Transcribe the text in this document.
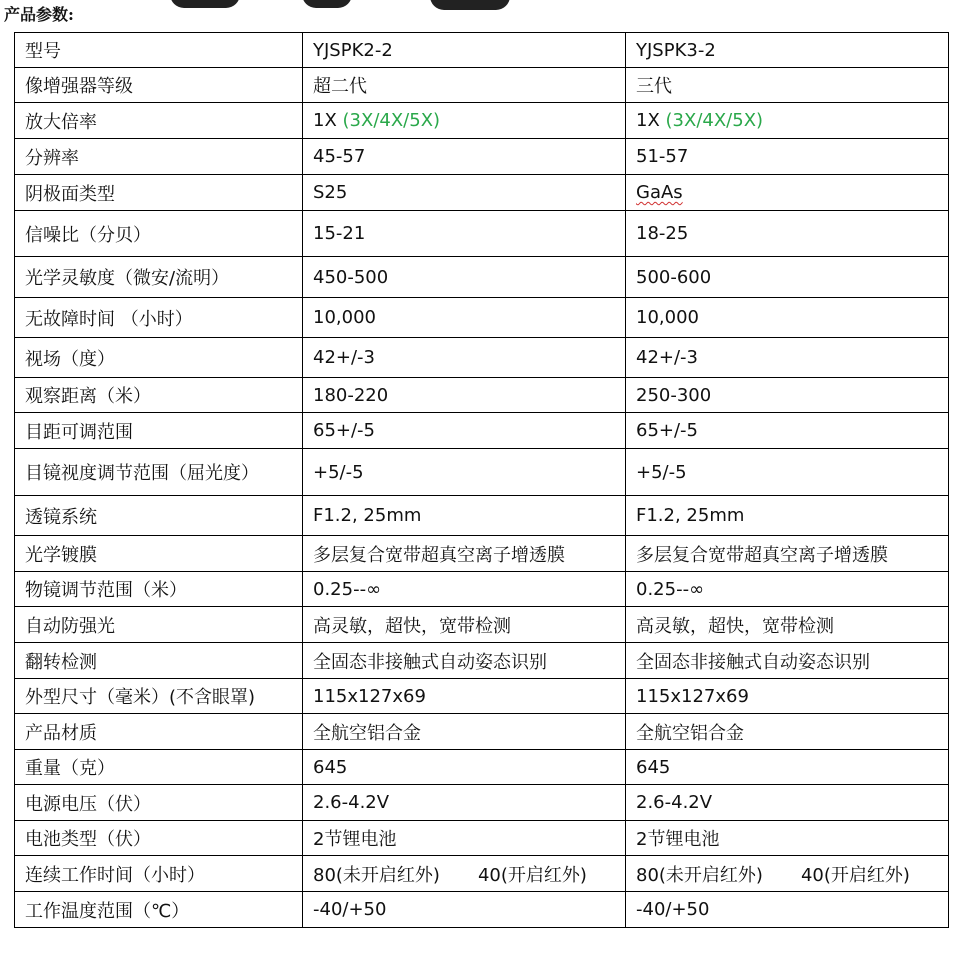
产品参数:
型号	YJSPK2-2	YJSPK3-2
像增强器等级	超二代	三代
放大倍率	1X (3X/4X/5X)	1X (3X/4X/5X)
分辨率	45-57	51-57
阴极面类型	S25	GaAs
信噪比（分贝）	15-21	18-25
光学灵敏度（微安/流明）	450-500	500-600
无故障时间 （小时）	10,000	10,000
视场（度）	42+/-3	42+/-3
观察距离（米）	180-220	250-300
目距可调范围	65+/-5	65+/-5
目镜视度调节范围（屈光度）	+5/-5	+5/-5
透镜系统	F1.2, 25mm	F1.2, 25mm
光学镀膜	多层复合宽带超真空离子增透膜	多层复合宽带超真空离子增透膜
物镜调节范围（米）	0.25--∞	0.25--∞
自动防强光	高灵敏，超快，宽带检测	高灵敏，超快，宽带检测
翻转检测	全固态非接触式自动姿态识别	全固态非接触式自动姿态识别
外型尺寸（毫米）(不含眼罩)	115x127x69	115x127x69
产品材质	全航空铝合金	全航空铝合金
重量（克）	645	645
电源电压（伏）	2.6-4.2V	2.6-4.2V
电池类型（伏）	2节锂电池	2节锂电池
连续工作时间（小时）	80(未开启红外) 40(开启红外)	80(未开启红外) 40(开启红外)
工作温度范围（℃）	-40/+50	-40/+50
